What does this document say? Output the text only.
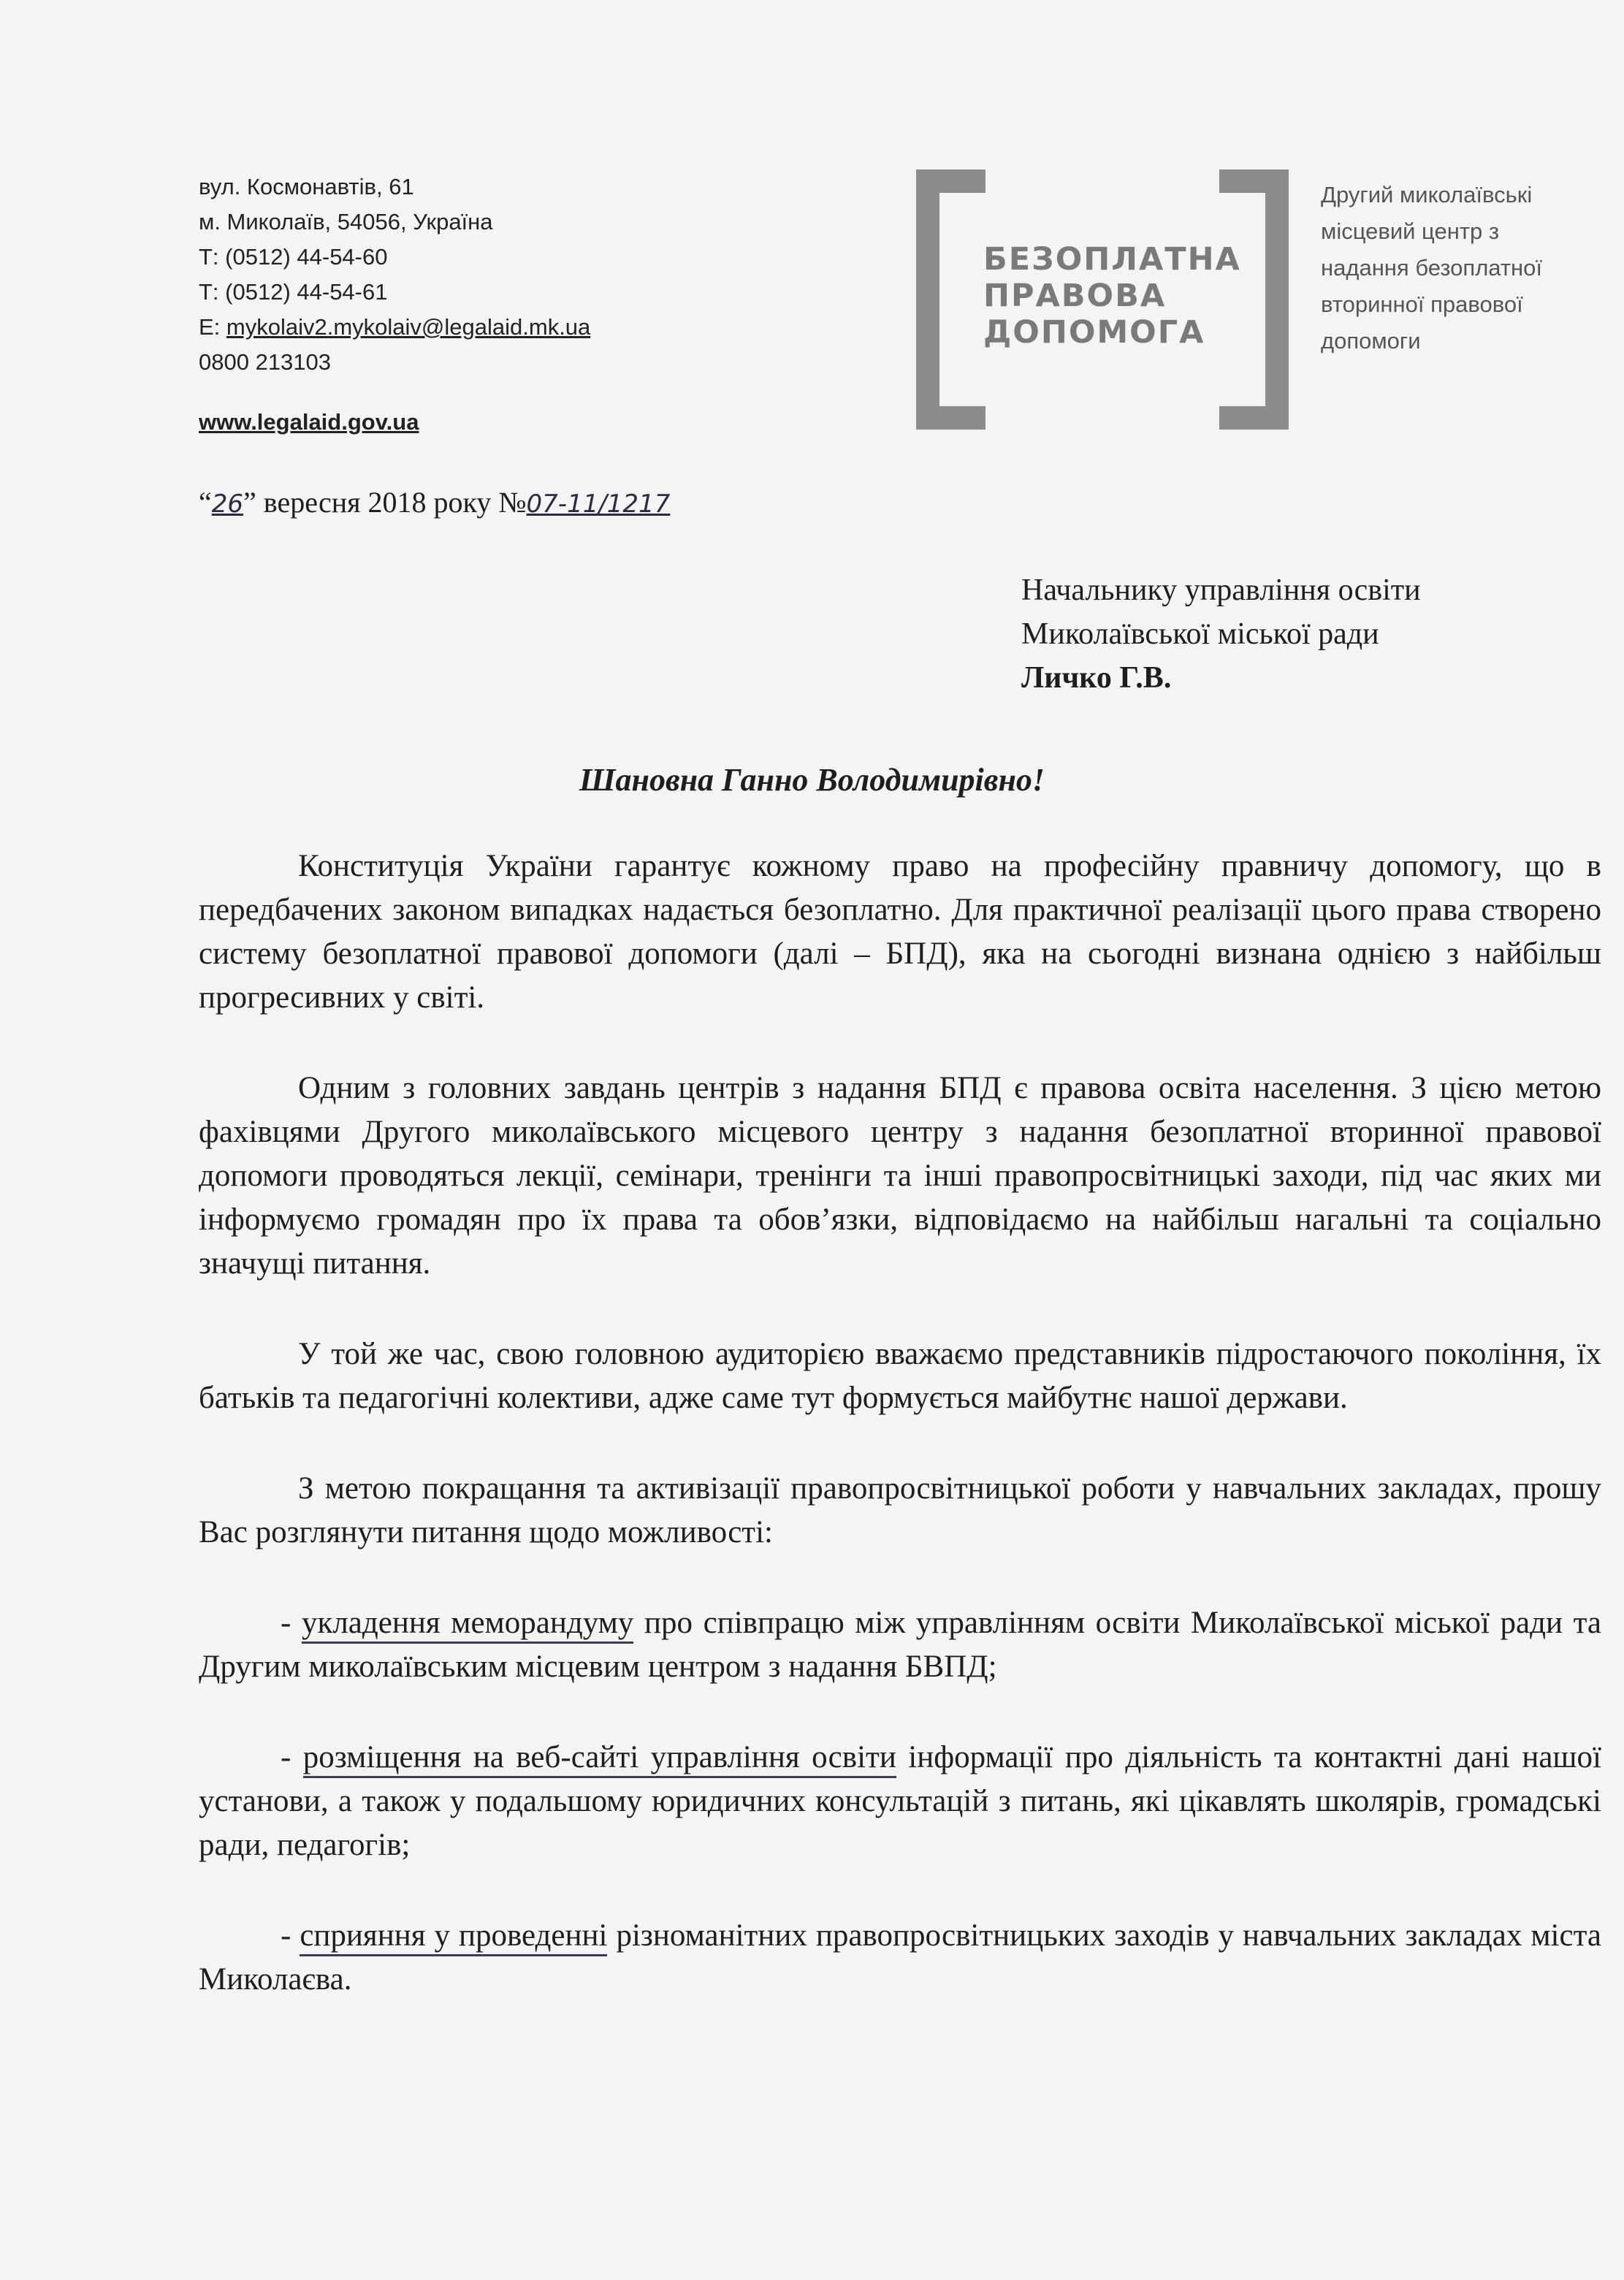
вул. Космонавтів, 61
м. Миколаїв, 54056, Україна
Т: (0512) 44-54-60
Т: (0512) 44-54-61
E: mykolaiv2.mykolaiv@legalaid.mk.ua
0800 213103
www.legalaid.gov.ua
БЕЗОПЛАТНА
ПРАВОВА
ДОПОМОГА
Другий миколаївські
місцевий центр з
надання безоплатної
вторинної правової
допомоги
“26” вересня 2018 року №07-11/1217
Начальнику управління освіти
Миколаївської міської ради
Личко Г.В.
Шановна Ганно Володимирівно!

Конституція України гарантує кожному право на професійну правничу допомогу, що в передбачених законом випадках надається безоплатно. Для практичної реалізації цього права створено систему безоплатної правової допомоги (далі – БПД), яка на сьогодні визнана однією з найбільш прогресивних у світі.

Одним з головних завдань центрів з надання БПД є правова освіта населення. З цією метою фахівцями Другого миколаївського місцевого центру з надання безоплатної вторинної правової допомоги проводяться лекції, семінари, тренінги та інші правопросвітницькі заходи, під час яких ми інформуємо громадян про їх права та обов’язки, відповідаємо на найбільш нагальні та соціально значущі питання.

У той же час, свою головною аудиторією вважаємо представників підростаючого покоління, їх батьків та педагогічні колективи, адже саме тут формується майбутнє нашої держави.

З метою покращання та активізації правопросвітницької роботи у навчальних закладах, прошу Вас розглянути питання щодо можливості:

- укладення меморандуму про співпрацю між управлінням освіти Миколаївської міської ради та Другим миколаївським місцевим центром з надання БВПД;

- розміщення на веб-сайті управління освіти інформації про діяльність та контактні дані нашої установи, а також у подальшому юридичних консультацій з питань, які цікавлять школярів, громадські ради, педагогів;

- сприяння у проведенні різноманітних правопросвітницьких заходів у навчальних закладах міста Миколаєва.
